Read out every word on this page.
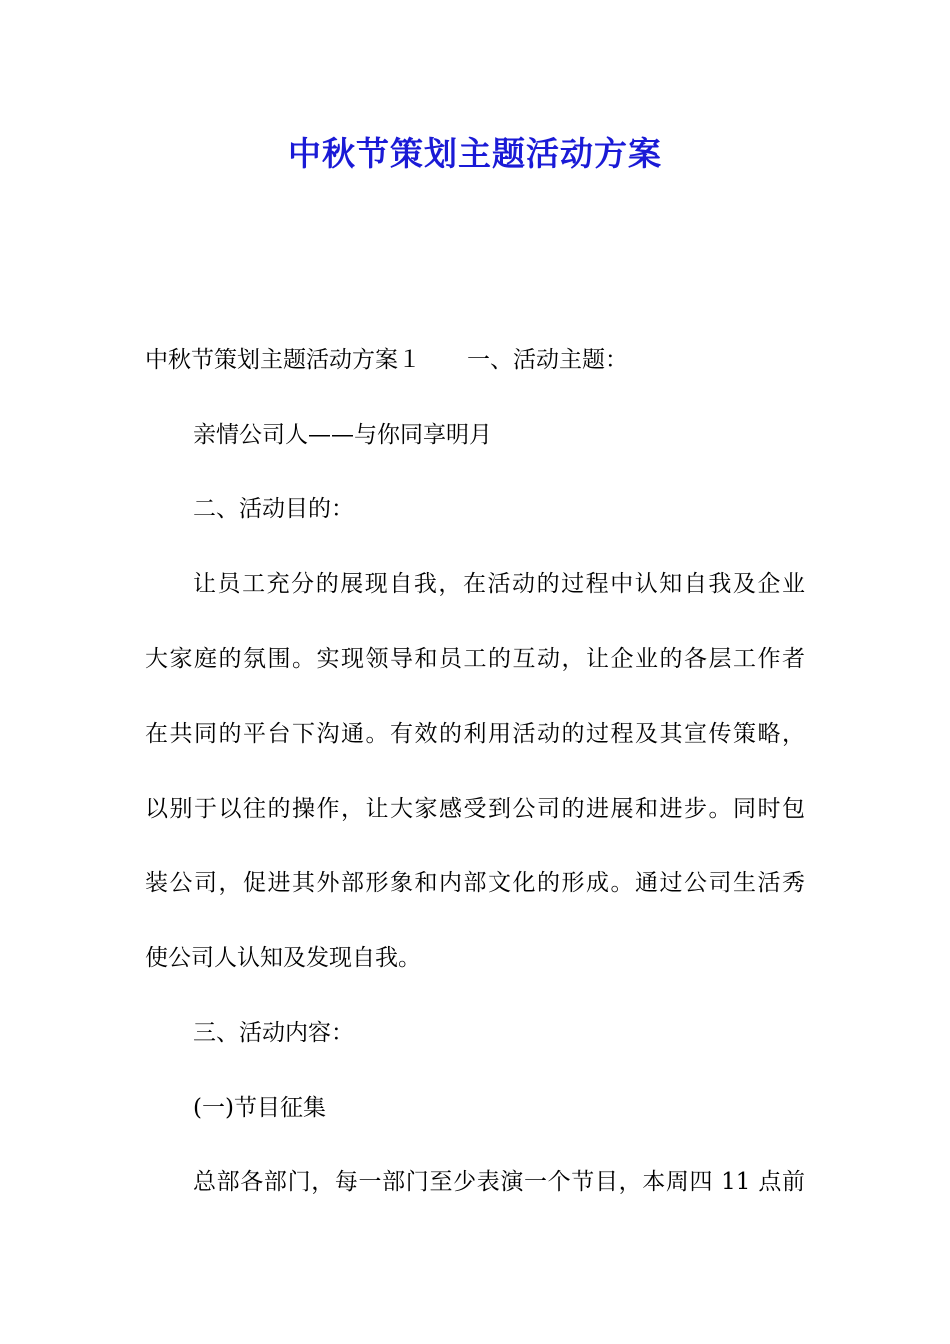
中秋节策划主题活动方案
中秋节策划主题活动方案１ 一、活动主题：
亲情公司人——与你同享明月
二、活动目的：
让员工充分的展现自我，在活动的过程中认知自我及企业
大家庭的氛围。实现领导和员工的互动，让企业的各层工作者
在共同的平台下沟通。有效的利用活动的过程及其宣传策略，
以别于以往的操作，让大家感受到公司的进展和进步。同时包
装公司，促进其外部形象和内部文化的形成。通过公司生活秀
使公司人认知及发现自我。
三、活动内容：
(一)节目征集
总部各部门，每一部门至少表演一个节目，本周四 11 点前
